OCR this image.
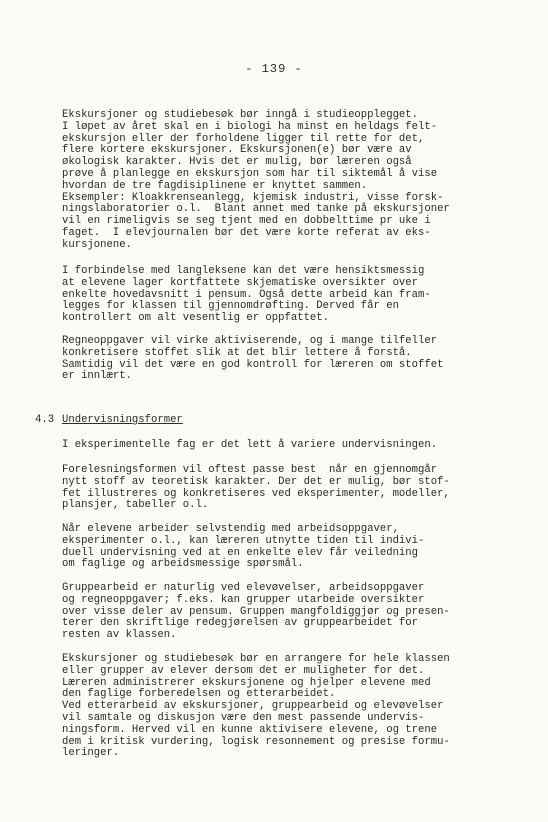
- 139 -
Ekskursjoner og studiebesøk bør inngå i studieopplegget.
I løpet av året skal en i biologi ha minst en heldags felt-
ekskursjon eller der forholdene ligger til rette for det,
flere kortere ekskursjoner. Ekskursjonen(e) bør være av
økologisk karakter. Hvis det er mulig, bør læreren også
prøve å planlegge en ekskursjon som har til siktemål å vise
hvordan de tre fagdisiplinene er knyttet sammen.
Eksempler: Kloakkrenseanlegg, kjemisk industri, visse forsk-
ningslaboratorier o.l.  Blant annet med tanke på ekskursjoner
vil en rimeligvis se seg tjent med en dobbelttime pr uke i
faget.  I elevjournalen bør det være korte referat av eks-
kursjonene.
I forbindelse med langleksene kan det være hensiktsmessig
at elevene lager kortfattete skjematiske oversikter over
enkelte hovedavsnitt i pensum. Også dette arbeid kan fram-
legges for klassen til gjennomdrøfting. Derved får en
kontrollert om alt vesentlig er oppfattet.
Regneoppgaver vil virke aktiviserende, og i mange tilfeller
konkretisere stoffet slik at det blir lettere å forstå.
Samtidig vil det være en god kontroll for læreren om stoffet
er innlært.
4.3 Undervisningsformer
I eksperimentelle fag er det lett å variere undervisningen.
Forelesningsformen vil oftest passe best  når en gjennomgår
nytt stoff av teoretisk karakter. Der det er mulig, bør stof-
fet illustreres og konkretiseres ved eksperimenter, modeller,
plansjer, tabeller o.l.
Når elevene arbeider selvstendig med arbeidsoppgaver,
eksperimenter o.l., kan læreren utnytte tiden til indivi-
duell undervisning ved at en enkelte elev får veiledning
om faglige og arbeidsmessige spørsmål.
Gruppearbeid er naturlig ved elevøvelser, arbeidsoppgaver
og regneoppgaver; f.eks. kan grupper utarbeide oversikter
over visse deler av pensum. Gruppen mangfoldiggjør og presen-
terer den skriftlige redegjørelsen av gruppearbeidet for
resten av klassen.
Ekskursjoner og studiebesøk bør en arrangere for hele klassen
eller grupper av elever dersom det er muligheter for det.
Læreren administrerer ekskursjonene og hjelper elevene med
den faglige forberedelsen og etterarbeidet.
Ved etterarbeid av ekskursjoner, gruppearbeid og elevøvelser
vil samtale og diskusjon være den mest passende undervis-
ningsform. Herved vil en kunne aktivisere elevene, og trene
dem i kritisk vurdering, logisk resonnement og presise formu-
leringer.
